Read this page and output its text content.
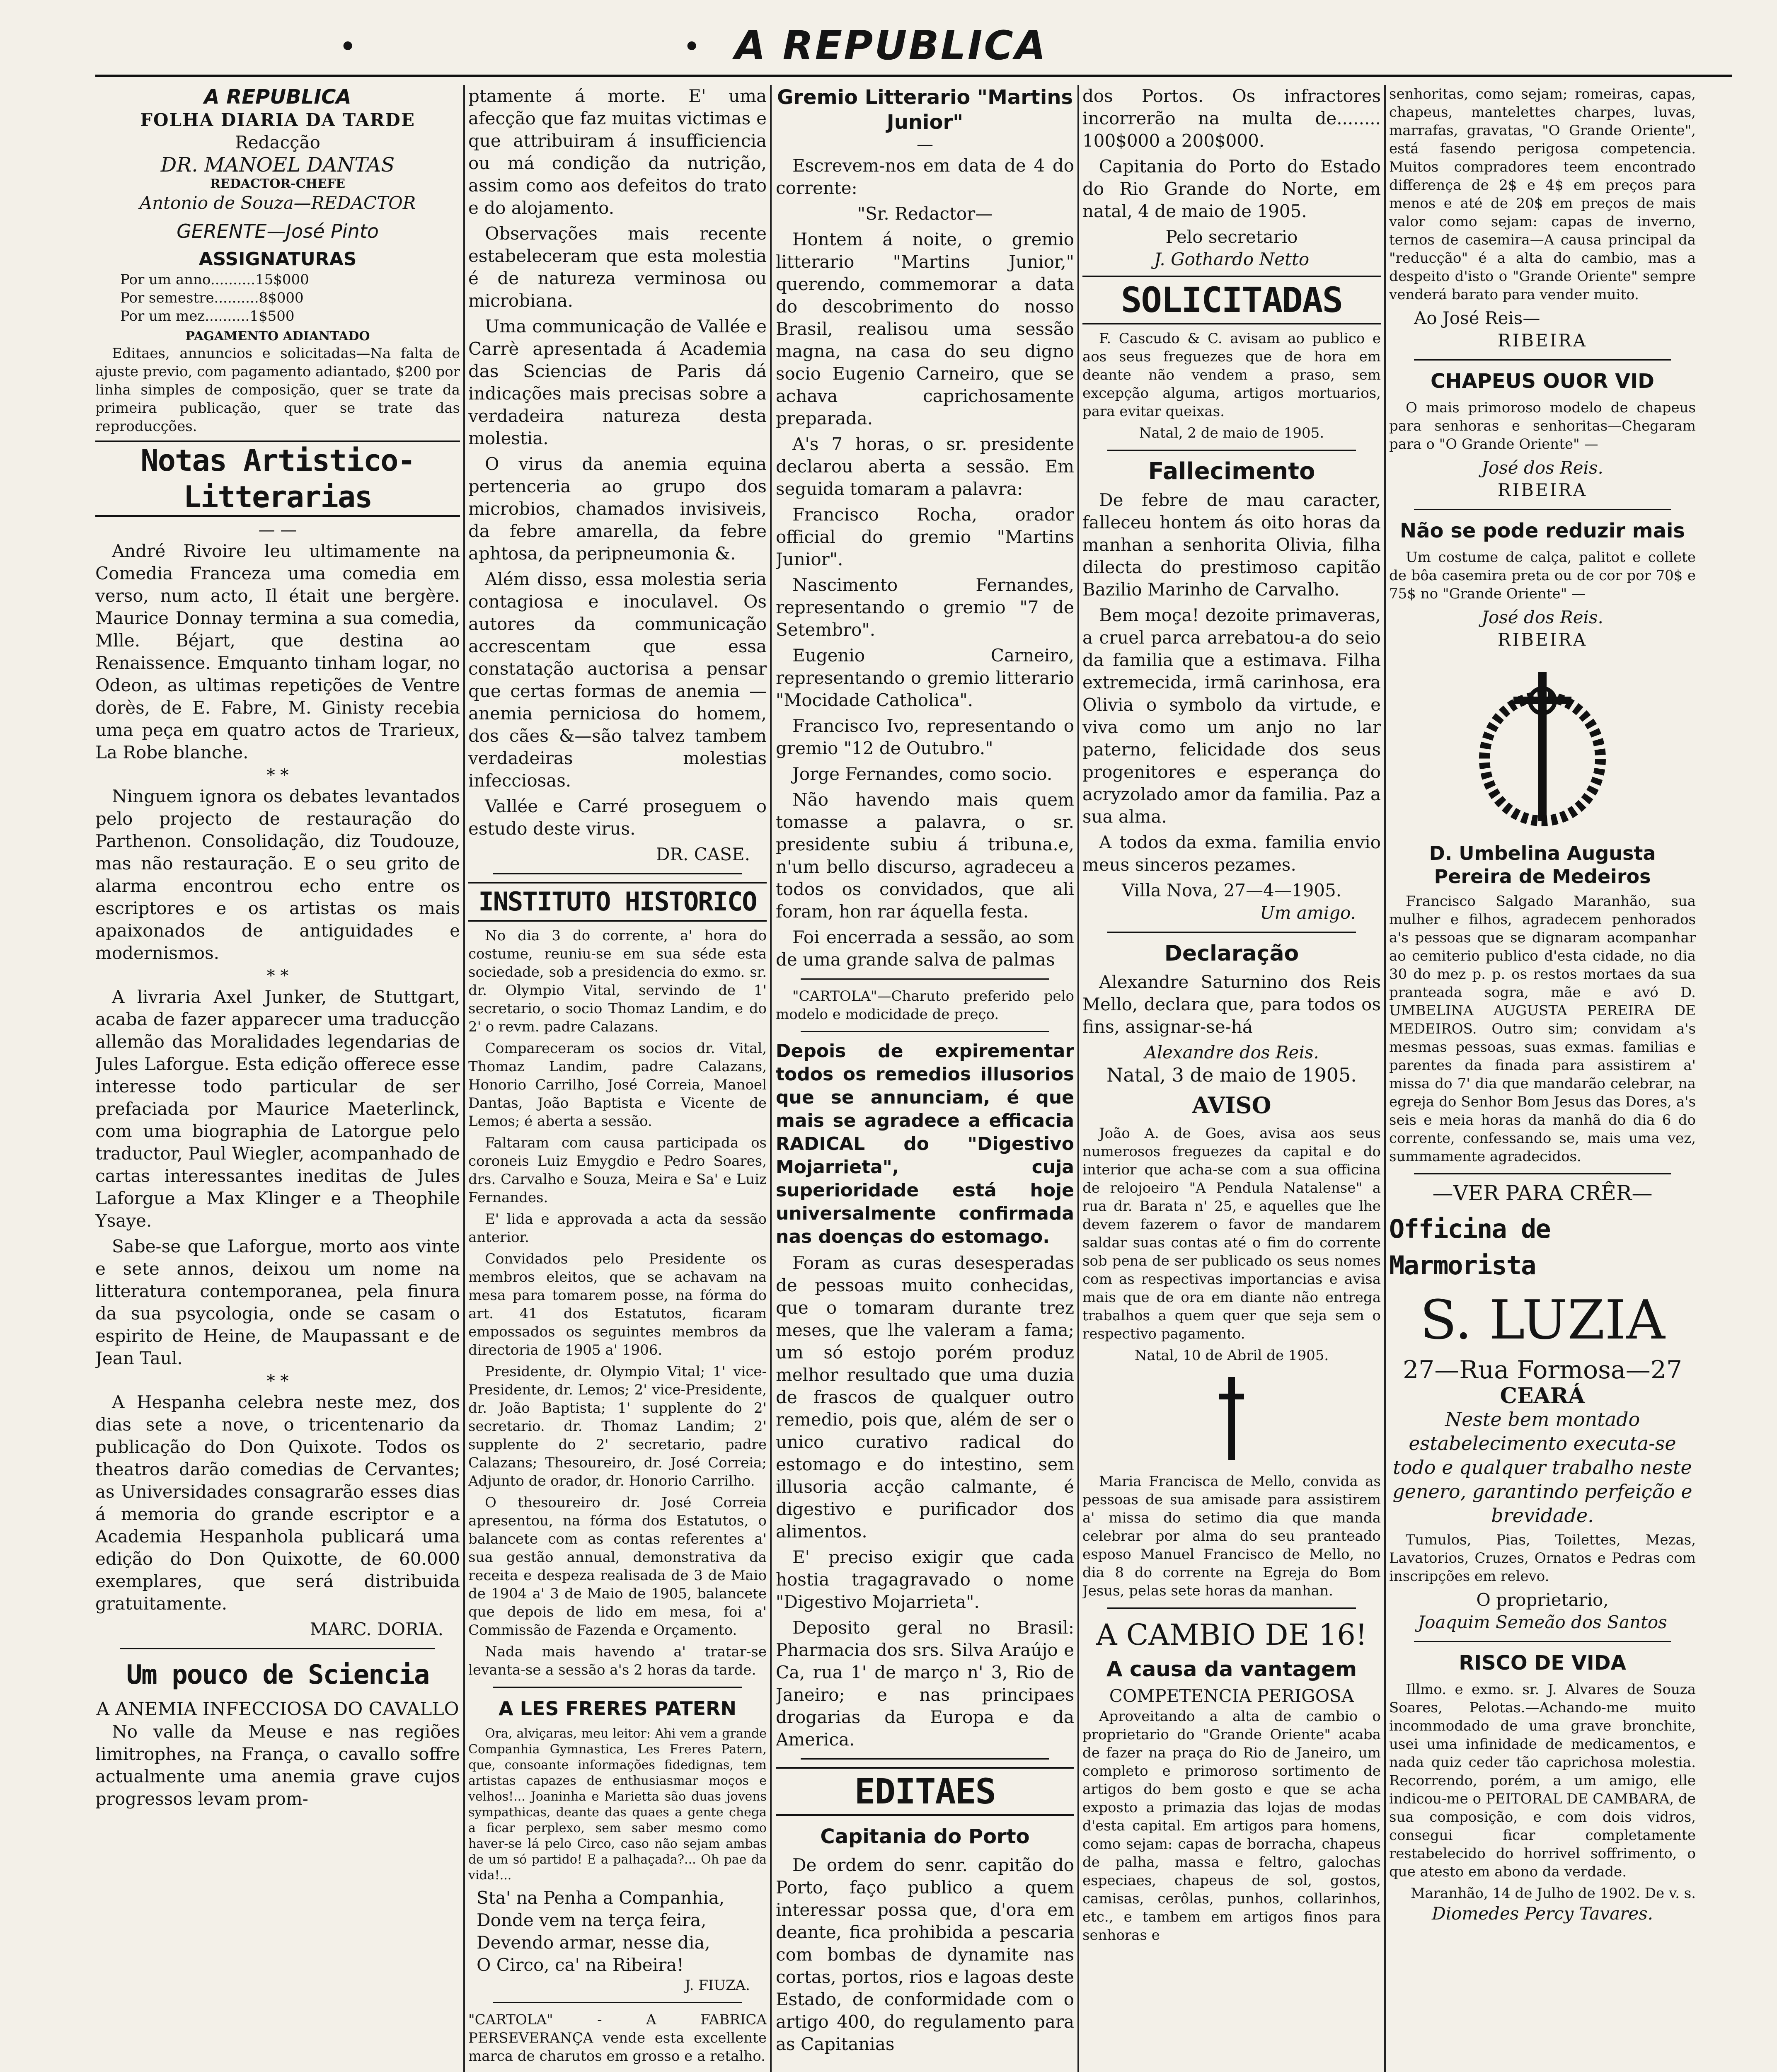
• A REPUBLICA
•
A REPUBLICA
FOLHA DIARIA DA TARDE
Redacção
DR. MANOEL DANTAS
REDACTOR-CHEFE
Antonio de Souza—REDACTOR
GERENTE—José Pinto
ASSIGNATURAS
Por um anno..........15$000
Por semestre..........8$000
Por um mez..........1$500
PAGAMENTO ADIANTADO

Editaes, annuncios e solicitadas—Na falta de ajuste previo, com pagamento adiantado, $200 por linha simples de composição, quer se trate da primeira publicação, quer se trate das reproducções.

Notas Artistico-Litterarias
— —

André Rivoire leu ultimamente na Comedia Franceza uma comedia em verso, num acto, Il était une bergère. Maurice Donnay termina a sua comedia, Mlle. Béjart, que destina ao Renaissence. Emquanto tinham logar, no Odeon, as ultimas repetições de Ventre dorès, de E. Fabre, M. Ginisty recebia uma peça em quatro actos de Trarieux, La Robe blanche.

* *

Ninguem ignora os debates levantados pelo projecto de restauração do Parthenon. Consolidação, diz Toudouze, mas não restauração. E o seu grito de alarma encontrou echo entre os escriptores e os artistas os mais apaixonados de antiguidades e modernismos.

* *

A livraria Axel Junker, de Stuttgart, acaba de fazer apparecer uma traducção allemão das Moralidades legendarias de Jules Laforgue. Esta edição offerece esse interesse todo particular de ser prefaciada por Maurice Maeterlinck, com uma biographia de Latorgue pelo traductor, Paul Wiegler, acompanhado de cartas interessantes ineditas de Jules Laforgue a Max Klinger e a Theophile Ysaye.

Sabe-se que Laforgue, morto aos vinte e sete annos, deixou um nome na litteratura contemporanea, pela finura da sua psycologia, onde se casam o espirito de Heine, de Maupassant e de Jean Taul.

* *

A Hespanha celebra neste mez, dos dias sete a nove, o tricentenario da publicação do Don Quixote. Todos os theatros darão comedias de Cervantes; as Universidades consagrarão esses dias á memoria do grande escriptor e a Academia Hespanhola publicará uma edição do Don Quixotte, de 60.000 exemplares, que será distribuida gratuitamente.

MARC. DORIA.
Um pouco de Sciencia
A ANEMIA INFECCIOSA DO CAVALLO

No valle da Meuse e nas regiões limitrophes, na França, o cavallo soffre actualmente uma anemia grave cujos progressos levam prom-

ptamente á morte. E' uma afecção que faz muitas victimas e que attribuiram á insufficiencia ou má condição da nutrição, assim como aos defeitos do trato e do alojamento.

Observações mais recente estabeleceram que esta molestia é de natureza verminosa ou microbiana.

Uma communicação de Vallée e Carrè apresentada á Academia das Sciencias de Paris dá indicações mais precisas sobre a verdadeira natureza desta molestia.

O virus da anemia equina pertenceria ao grupo dos microbios, chamados invisiveis, da febre amarella, da febre aphtosa, da peripneumonia &.

Além disso, essa molestia seria contagiosa e inoculavel. Os autores da communicação accrescentam que essa constatação auctorisa a pensar que certas formas de anemia — anemia perniciosa do homem, dos cães &—são talvez tambem verdadeiras molestias infecciosas.

Vallée e Carré proseguem o estudo deste virus.

DR. CASE.
INSTITUTO HISTORICO

No dia 3 do corrente, a' hora do costume, reuniu-se em sua séde esta sociedade, sob a presidencia do exmo. sr. dr. Olympio Vital, servindo de 1' secretario, o socio Thomaz Landim, e do 2' o revm. padre Calazans.

Compareceram os socios dr. Vital, Thomaz Landim, padre Calazans, Honorio Carrilho, José Correia, Manoel Dantas, João Baptista e Vicente de Lemos; é aberta a sessão.

Faltaram com causa participada os coroneis Luiz Emygdio e Pedro Soares, drs. Carvalho e Souza, Meira e Sa' e Luiz Fernandes.

E' lida e approvada a acta da sessão anterior.

Convidados pelo Presidente os membros eleitos, que se achavam na mesa para tomarem posse, na fórma do art. 41 dos Estatutos, ficaram empossados os seguintes membros da directoria de 1905 a' 1906.

Presidente, dr. Olympio Vital; 1' vice-Presidente, dr. Lemos; 2' vice-Presidente, dr. João Baptista; 1' supplente do 2' secretario. dr. Thomaz Landim; 2' supplente do 2' secretario, padre Calazans; Thesoureiro, dr. José Correia; Adjunto de orador, dr. Honorio Carrilho.

O thesoureiro dr. José Correia apresentou, na fórma dos Estatutos, o balancete com as contas referentes a' sua gestão annual, demonstrativa da receita e despeza realisada de 3 de Maio de 1904 a' 3 de Maio de 1905, balancete que depois de lido em mesa, foi a' Commissão de Fazenda e Orçamento.

Nada mais havendo a' tratar-se levanta-se a sessão a's 2 horas da tarde.

A LES FRERES PATERN

Ora, alviçaras, meu leitor: Ahi vem a grande Companhia Gymnastica, Les Freres Patern, que, consoante informações fidedignas, tem artistas capazes de enthusiasmar moços e velhos!... Joaninha e Marietta são duas jovens sympathicas, deante das quaes a gente chega a ficar perplexo, sem saber mesmo como haver-se lá pelo Circo, caso não sejam ambas de um só partido! E a palhaçada?... Oh pae da vida!...

Sta' na Penha a Companhia,
Donde vem na terça feira,
Devendo armar, nesse dia,
O Circo, ca' na Ribeira!
J. FIUZA.

"CARTOLA" - A FABRICA PERSEVERANÇA vende esta excellente marca de charutos em grosso e a retalho.

Gremio Litterario "Martins Junior"
—

Escrevem-nos em data de 4 do corrente:

"Sr. Redactor—

Hontem á noite, o gremio litterario "Martins Junior," querendo, commemorar a data do descobrimento do nosso Brasil, realisou uma sessão magna, na casa do seu digno socio Eugenio Carneiro, que se achava caprichosamente preparada.

A's 7 horas, o sr. presidente declarou aberta a sessão. Em seguida tomaram a palavra:

Francisco Rocha, orador official do gremio "Martins Junior".

Nascimento Fernandes, representando o gremio "7 de Setembro".

Eugenio Carneiro, representando o gremio litterario "Mocidade Catholica".

Francisco Ivo, representando o gremio "12 de Outubro."

Jorge Fernandes, como socio.

Não havendo mais quem tomasse a palavra, o sr. presidente subiu á tribuna.e, n'um bello discurso, agradeceu a todos os convidados, que ali foram, hon rar áquella festa.

Foi encerrada a sessão, ao som de uma grande salva de palmas

"CARTOLA"—Charuto preferido pelo modelo e modicidade de preço.

Depois de expirementar todos os remedios illusorios que se annunciam, é que mais se agradece a efficacia RADICAL do "Digestivo Mojarrieta", cuja superioridade está hoje universalmente confirmada nas doenças do estomago.

Foram as curas desesperadas de pessoas muito conhecidas, que o tomaram durante trez meses, que lhe valeram a fama; um só estojo porém produz melhor resultado que uma duzia de frascos de qualquer outro remedio, pois que, além de ser o unico curativo radical do estomago e do intestino, sem illusoria acção calmante, é digestivo e purificador dos alimentos.

E' preciso exigir que cada hostia tragagravado o nome "Digestivo Mojarrieta".

Deposito geral no Brasil: Pharmacia dos srs. Silva Araújo e Ca, rua 1' de março n' 3, Rio de Janeiro; e nas principaes drogarias da Europa e da America.

EDITAES
Capitania do Porto

De ordem do senr. capitão do Porto, faço publico a quem interessar possa que, d'ora em deante, fica prohibida a pescaria com bombas de dynamite nas cortas, portos, rios e lagoas deste Estado, de conformidade com o artigo 400, do regulamento para as Capitanias

dos Portos. Os infractores incorrerão na multa de........ 100$000 a 200$000.

Capitania do Porto do Estado do Rio Grande do Norte, em natal, 4 de maio de 1905.

Pelo secretario
J. Gothardo Netto
SOLICITADAS

F. Cascudo & C. avisam ao publico e aos seus freguezes que de hora em deante não vendem a praso, sem excepção alguma, artigos mortuarios, para evitar queixas.

Natal, 2 de maio de 1905.
Fallecimento

De febre de mau caracter, falleceu hontem ás oito horas da manhan a senhorita Olivia, filha dilecta do prestimoso capitão Bazilio Marinho de Carvalho.

Bem moça! dezoite primaveras, a cruel parca arrebatou-a do seio da familia que a estimava. Filha extremecida, irmã carinhosa, era Olivia o symbolo da virtude, e viva como um anjo no lar paterno, felicidade dos seus progenitores e esperança do acryzolado amor da familia. Paz a sua alma.

A todos da exma. familia envio meus sinceros pezames.

Villa Nova, 27—4—1905.
Um amigo.
Declaração

Alexandre Saturnino dos Reis Mello, declara que, para todos os fins, assignar-se-há

Alexandre dos Reis.
Natal, 3 de maio de 1905.
AVISO

João A. de Goes, avisa aos seus numerosos freguezes da capital e do interior que acha-se com a sua officina de relojoeiro "A Pendula Natalense" a rua dr. Barata n' 25, e aquelles que lhe devem fazerem o favor de mandarem saldar suas contas até o fim do corrente sob pena de ser publicado os seus nomes com as respectivas importancias e avisa mais que de ora em diante não entrega trabalhos a quem quer que seja sem o respectivo pagamento.

Natal, 10 de Abril de 1905.

Maria Francisca de Mello, convida as pessoas de sua amisade para assistirem a' missa do setimo dia que manda celebrar por alma do seu pranteado esposo Manuel Francisco de Mello, no dia 8 do corrente na Egreja do Bom Jesus, pelas sete horas da manhan.

A CAMBIO DE 16!
A causa da vantagem
COMPETENCIA PERIGOSA

Aproveitando a alta de cambio o proprietario do "Grande Oriente" acaba de fazer na praça do Rio de Janeiro, um completo e primoroso sortimento de artigos do bem gosto e que se acha exposto a primazia das lojas de modas d'esta capital. Em artigos para homens, como sejam: capas de borracha, chapeus de palha, massa e feltro, galochas especiaes, chapeus de sol, gostos, camisas, cerôlas, punhos, collarinhos, etc., e tambem em artigos finos para senhoras e

senhoritas, como sejam; romeiras, capas, chapeus, mantelettes charpes, luvas, marrafas, gravatas, "O Grande Oriente", está fasendo perigosa competencia. Muitos compradores teem encontrado differença de 2$ e 4$ em preços para menos e até de 20$ em preços de mais valor como sejam: capas de inverno, ternos de casemira—A causa principal da "reducção" é a alta do cambio, mas a despeito d'isto o "Grande Oriente" sempre venderá barato para vender muito.

Ao José Reis—
RIBEIRA
CHAPEUS OUOR VID

O mais primoroso modelo de chapeus para senhoras e senhoritas—Chegaram para o "O Grande Oriente" —

José dos Reis.
RIBEIRA
Não se pode reduzir mais

Um costume de calça, palitot e collete de bôa casemira preta ou de cor por 70$ e 75$ no "Grande Oriente" —

José dos Reis.
RIBEIRA
D. Umbelina Augusta Pereira de Medeiros

Francisco Salgado Maranhão, sua mulher e filhos, agradecem penhorados a's pessoas que se dignaram acompanhar ao cemiterio publico d'esta cidade, no dia 30 do mez p. p. os restos mortaes da sua pranteada sogra, mãe e avó D. UMBELINA AUGUSTA PEREIRA DE MEDEIROS. Outro sim; convidam a's mesmas pessoas, suas exmas. familias e parentes da finada para assistirem a' missa do 7' dia que mandarão celebrar, na egreja do Senhor Bom Jesus das Dores, a's seis e meia horas da manhã do dia 6 do corrente, confessando se, mais uma vez, summamente agradecidos.

—VER PARA CRÊR—
Officina de Marmorista
S. LUZIA
27—Rua Formosa—27
CEARÁ

Neste bem montado estabelecimento executa-se todo e qualquer trabalho neste genero, garantindo perfeição e brevidade.

Tumulos, Pias, Toilettes, Mezas, Lavatorios, Cruzes, Ornatos e Pedras com inscripções em relevo.

O proprietario,
Joaquim Semeão dos Santos
RISCO DE VIDA

Illmo. e exmo. sr. J. Alvares de Souza Soares, Pelotas.—Achando-me muito incommodado de uma grave bronchite, usei uma infinidade de medicamentos, e nada quiz ceder tão caprichosa molestia. Recorrendo, porém, a um amigo, elle indicou-me o PEITORAL DE CAMBARA, de sua composição, e com dois vidros, consegui ficar completamente restabelecido do horrivel soffrimento, o que atesto em abono da verdade.

Maranhão, 14 de Julho de 1902. De v. s.
Diomedes Percy Tavares.
